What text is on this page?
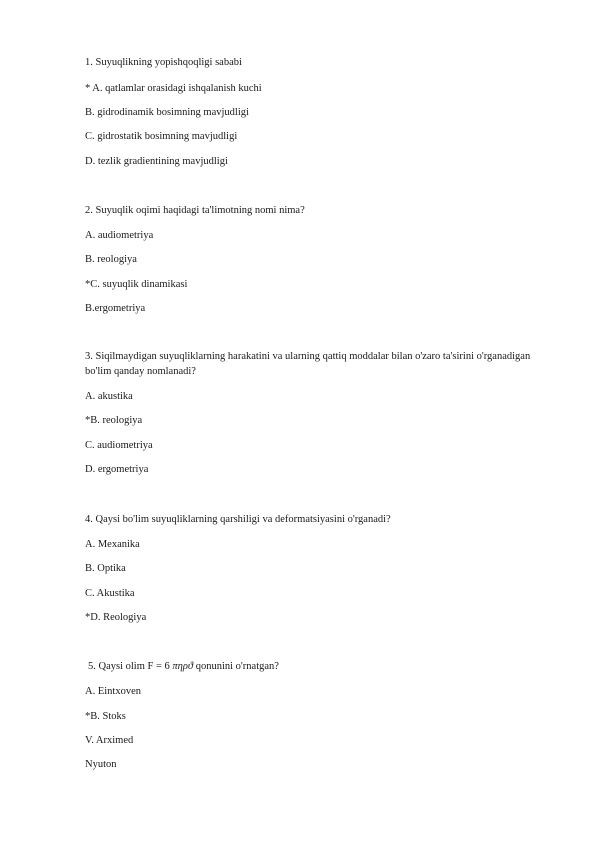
1. Suyuqlikning yopishqoqligi sababi
* A. qatlamlar orasidagi ishqalanish kuchi
B. gidrodinamik bosimning mavjudligi
C. gidrostatik bosimning mavjudligi
D. tezlik gradientining mavjudligi
2. Suyuqlik oqimi haqidagi ta'limotning nomi nima?
A. audiometriya
B. reologiya
*C. suyuqlik dinamikasi
B.ergometriya
3. Siqilmaydigan suyuqliklarning harakatini va ularning qattiq moddalar bilan o'zaro ta'sirini o'rganadigan
bo'lim qanday nomlanadi?
A. akustika
*B. reologiya
C. audiometriya
D. ergometriya
4. Qaysi bo'lim suyuqliklarning qarshiligi va deformatsiyasini o'rganadi?
A. Mexanika
B. Optika
C. Akustika
*D. Reologiya
5. Qaysi olim F = 6 πηρϑ qonunini o'rnatgan?
A. Eintxoven
*B. Stoks
V. Arximed
Nyuton
